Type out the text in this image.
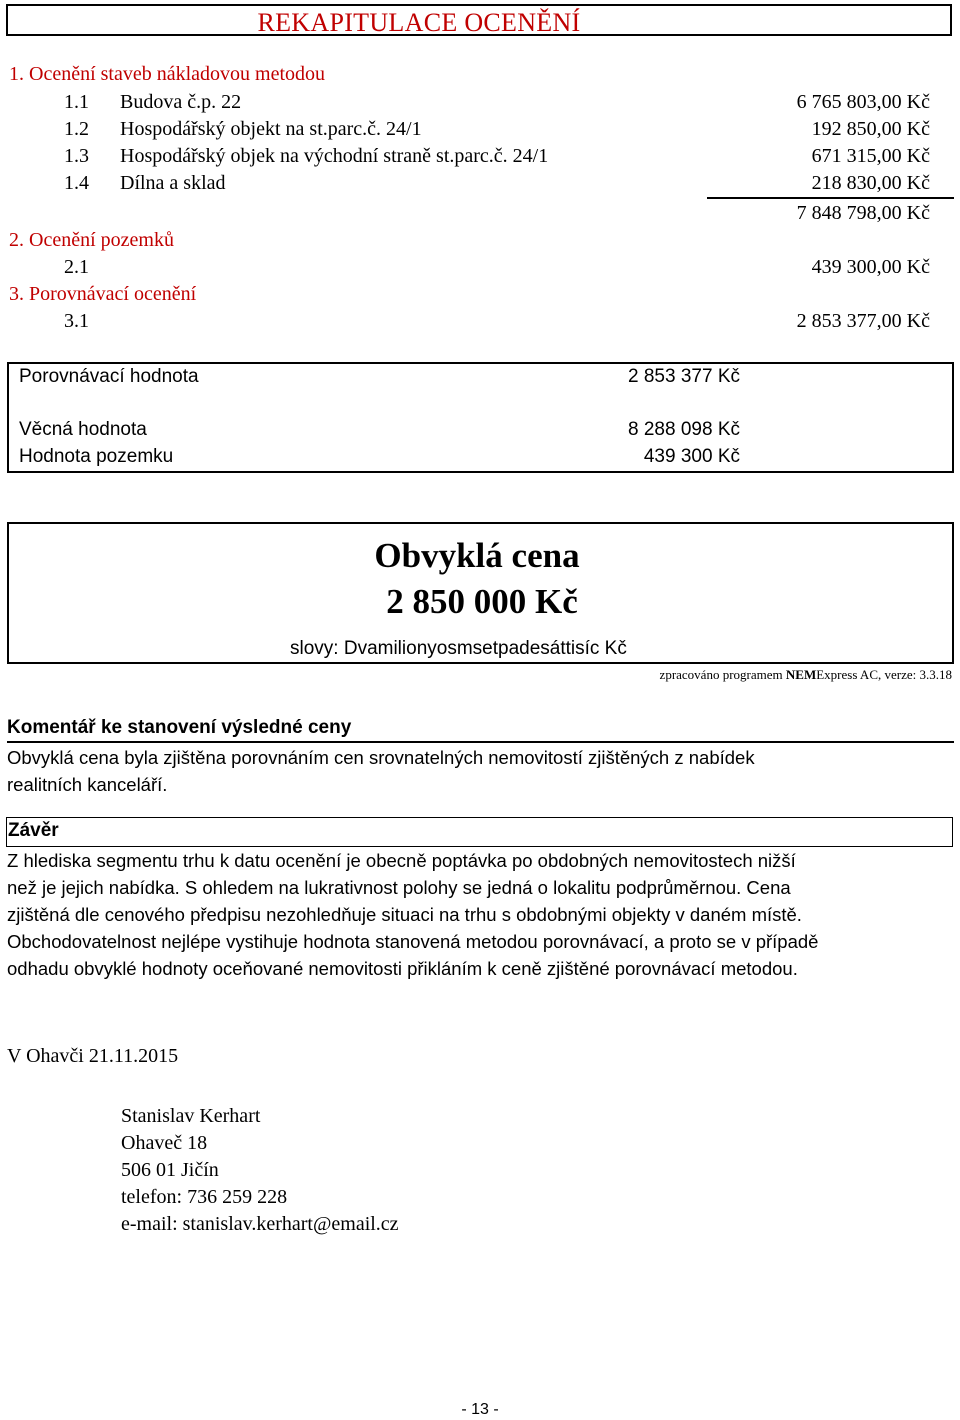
REKAPITULACE OCENĚNÍ
1. Ocenění staveb nákladovou metodou
1.1 Budova č.p. 22	6 765 803,00 Kč
1.2 Hospodářský objekt na st.parc.č. 24/1	192 850,00 Kč
1.3 Hospodářský objek na východní straně st.parc.č. 24/1	671 315,00 Kč
1.4 Dílna a sklad	218 830,00 Kč
7 848 798,00 Kč
2. Ocenění pozemků
2.1	439 300,00 Kč
3. Porovnávací ocenění
3.1	2 853 377,00 Kč
Porovnávací hodnota	2 853 377 Kč
Věcná hodnota	8 288 098 Kč
Hodnota pozemku	439 300 Kč
Obvyklá cena
2 850 000 Kč
slovy: Dvamilionyosmsetpadesáttisíc Kč
zpracováno programem NEMExpress AC, verze: 3.3.18
Komentář ke stanovení výsledné ceny
Obvyklá cena byla zjištěna porovnáním cen srovnatelných nemovitostí zjištěných z nabídek
realitních kanceláří.
Závěr
Z hlediska segmentu trhu k datu ocenění je obecně poptávka po obdobných nemovitostech nižší
než je jejich nabídka. S ohledem na lukrativnost polohy se jedná o lokalitu podprůměrnou. Cena
zjištěná dle cenového předpisu nezohledňuje situaci na trhu s obdobnými objekty v daném místě.
Obchodovatelnost nejlépe vystihuje hodnota stanovená metodou porovnávací, a proto se v případě
odhadu obvyklé hodnoty oceňované nemovitosti přikláním k ceně zjištěné porovnávací metodou.
V Ohavči 21.11.2015
Stanislav Kerhart
Ohaveč 18
506 01 Jičín
telefon: 736 259 228
e-mail: stanislav.kerhart@email.cz
- 13 -
